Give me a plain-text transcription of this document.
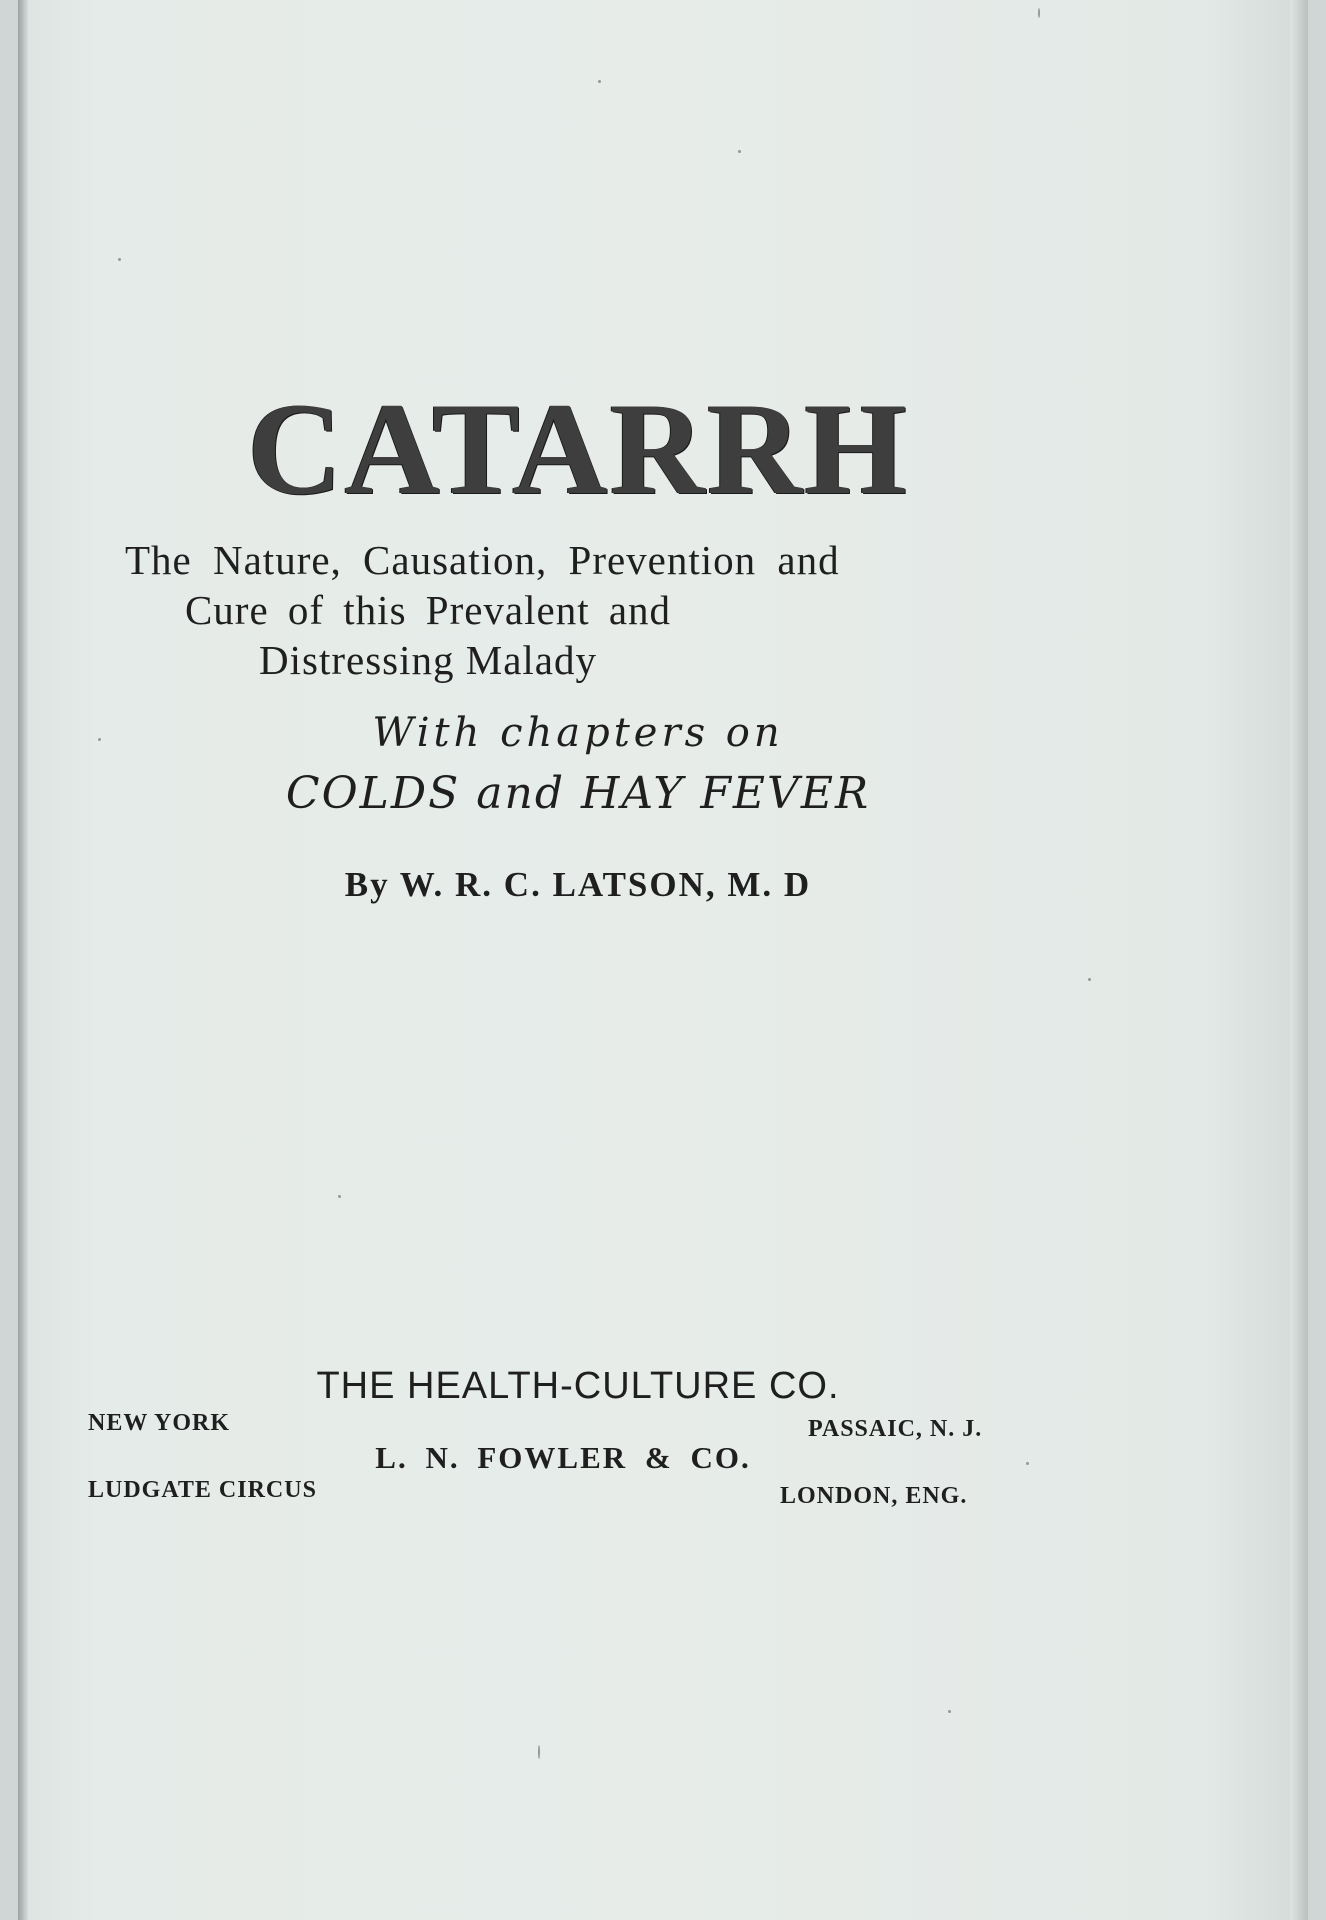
CATARRH
The Nature, Causation, Prevention and
Cure of this Prevalent and
Distressing Malady
With chapters on
COLDS and HAY FEVER
By W. R. C. LATSON, M. D
THE HEALTH-CULTURE CO.
NEW YORK	PASSAIC, N. J.
L. N. FOWLER & CO.
LUDGATE CIRCUS	LONDON, ENG.
